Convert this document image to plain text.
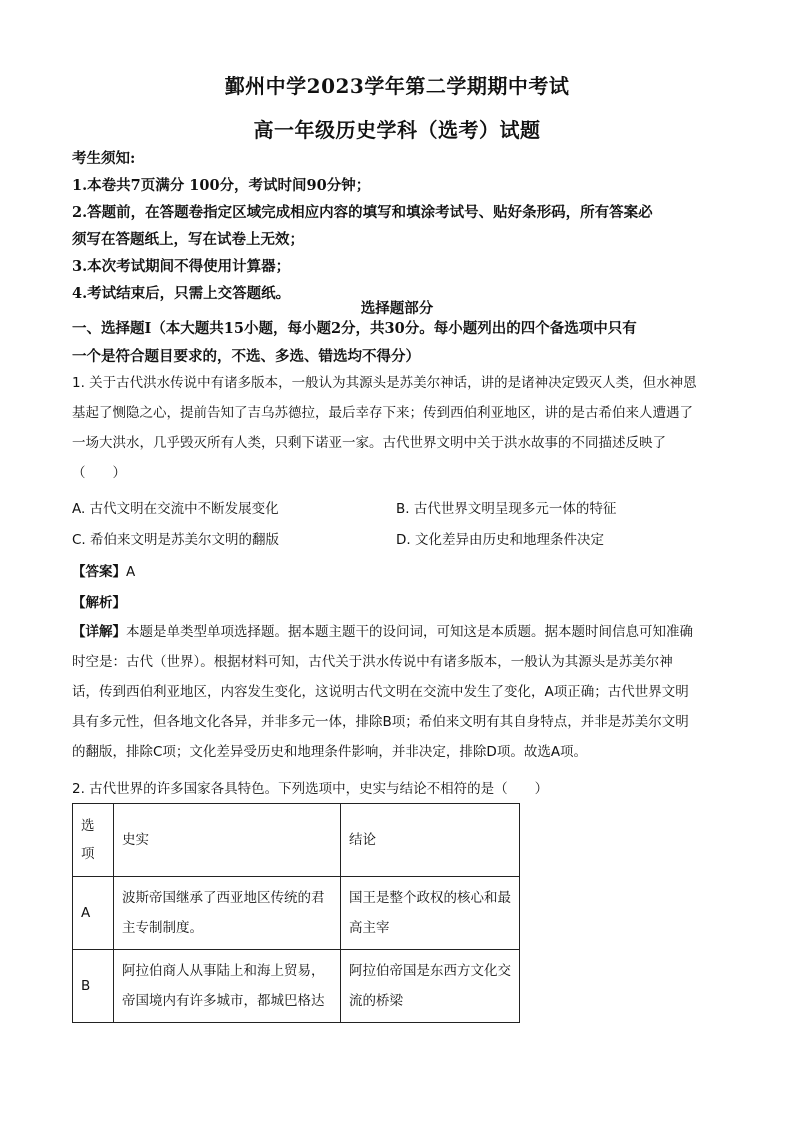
鄞州中学2023学年第二学期期中考试
高一年级历史学科（选考）试题
考生须知:
1.本卷共7页满分 100分，考试时间90分钟；
2.答题前，在答题卷指定区域完成相应内容的填写和填涂考试号、贴好条形码，所有答案必
须写在答题纸上，写在试卷上无效；
3.本次考试期间不得使用计算器；
4.考试结束后，只需上交答题纸。
选择题部分
一、选择题Ⅰ（本大题共15小题，每小题2分，共30分。每小题列出的四个备选项中只有
一个是符合题目要求的，不选、多选、错选均不得分）
1. 关于古代洪水传说中有诸多版本，一般认为其源头是苏美尔神话，讲的是诸神决定毁灭人类，但水神恩
基起了恻隐之心，提前告知了吉乌苏德拉，最后幸存下来；传到西伯利亚地区，讲的是古希伯来人遭遇了
一场大洪水，几乎毁灭所有人类，只剩下诺亚一家。古代世界文明中关于洪水故事的不同描述反映了
（　　）
A. 古代文明在交流中不断发展变化	B. 古代世界文明呈现多元一体的特征
C. 希伯来文明是苏美尔文明的翻版	D. 文化差异由历史和地理条件决定
【答案】A
【解析】
【详解】本题是单类型单项选择题。据本题主题干的设问词，可知这是本质题。据本题时间信息可知准确
时空是：古代（世界）。根据材料可知，古代关于洪水传说中有诸多版本，一般认为其源头是苏美尔神
话，传到西伯利亚地区，内容发生变化，这说明古代文明在交流中发生了变化，A项正确；古代世界文明
具有多元性，但各地文化各异，并非多元一体，排除B项；希伯来文明有其自身特点，并非是苏美尔文明
的翻版，排除C项；文化差异受历史和地理条件影响，并非决定，排除D项。故选A项。
2. 古代世界的许多国家各具特色。下列选项中，史实与结论不相符的是（　　）
选
项	史实	结论
A	波斯帝国继承了西亚地区传统的君主专制制度。	国王是整个政权的核心和最　高主宰
B	阿拉伯商人从事陆上和海上贸易，帝国境内有许多城市，都城巴格达	阿拉伯帝国是东西方文化交　流的桥梁
